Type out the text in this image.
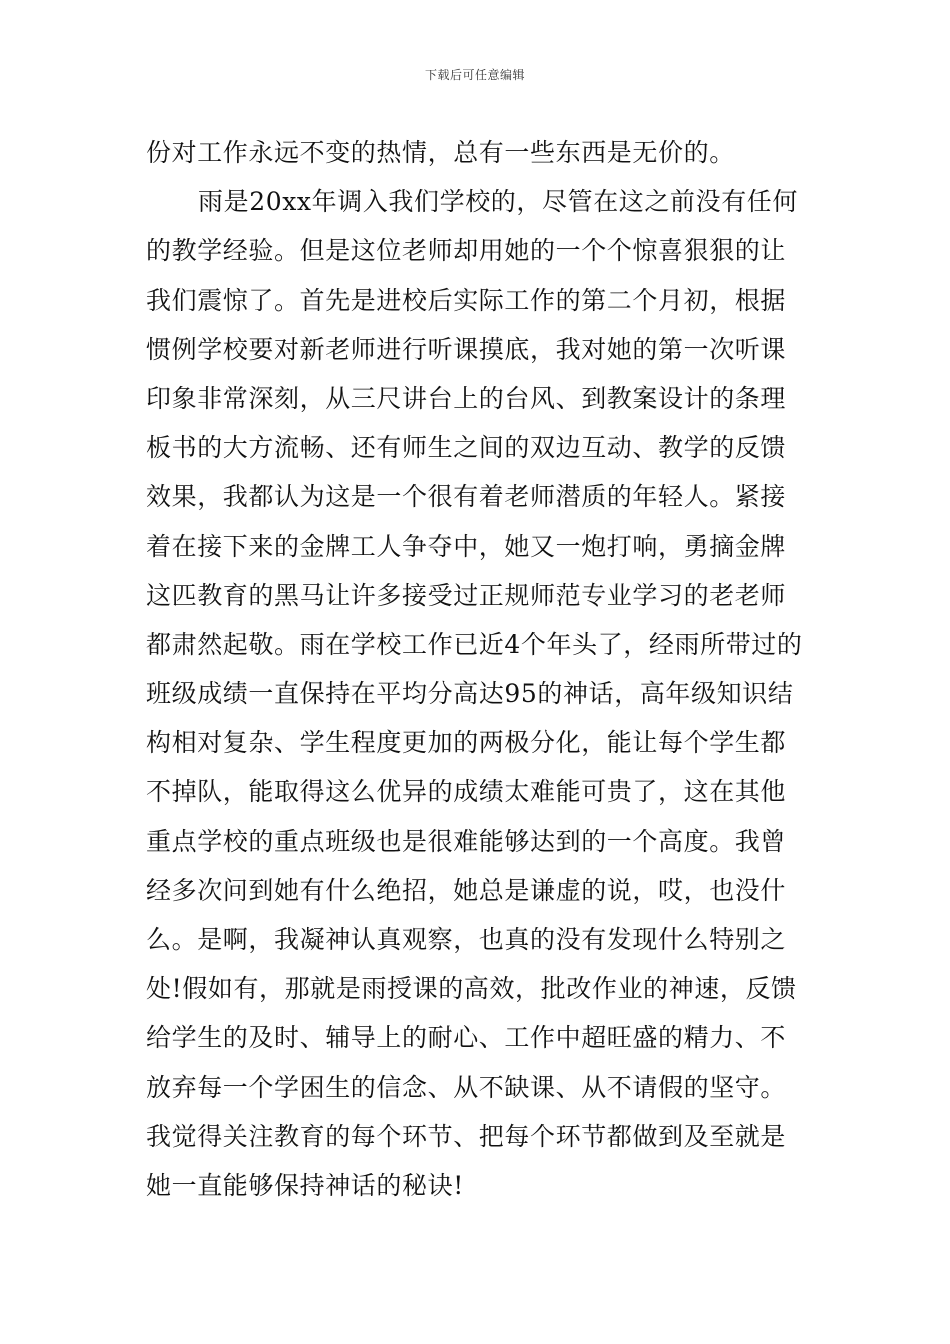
下载后可任意编辑
份对工作永远不变的热情，总有一些东西是无价的。
雨是20xx年调入我们学校的，尽管在这之前没有任何
的教学经验。但是这位老师却用她的一个个惊喜狠狠的让
我们震惊了。首先是进校后实际工作的第二个月初，根据
惯例学校要对新老师进行听课摸底，我对她的第一次听课
印象非常深刻，从三尺讲台上的台风、到教案设计的条理
板书的大方流畅、还有师生之间的双边互动、教学的反馈
效果，我都认为这是一个很有着老师潜质的年轻人。紧接
着在接下来的金牌工人争夺中，她又一炮打响，勇摘金牌
这匹教育的黑马让许多接受过正规师范专业学习的老老师
都肃然起敬。雨在学校工作已近4个年头了，经雨所带过的
班级成绩一直保持在平均分高达95的神话，高年级知识结
构相对复杂、学生程度更加的两极分化，能让每个学生都
不掉队，能取得这么优异的成绩太难能可贵了，这在其他
重点学校的重点班级也是很难能够达到的一个高度。我曾
经多次问到她有什么绝招，她总是谦虚的说，哎，也没什
么。是啊，我凝神认真观察，也真的没有发现什么特别之
处!假如有，那就是雨授课的高效，批改作业的神速，反馈
给学生的及时、辅导上的耐心、工作中超旺盛的精力、不
放弃每一个学困生的信念、从不缺课、从不请假的坚守。
我觉得关注教育的每个环节、把每个环节都做到及至就是
她一直能够保持神话的秘诀!
